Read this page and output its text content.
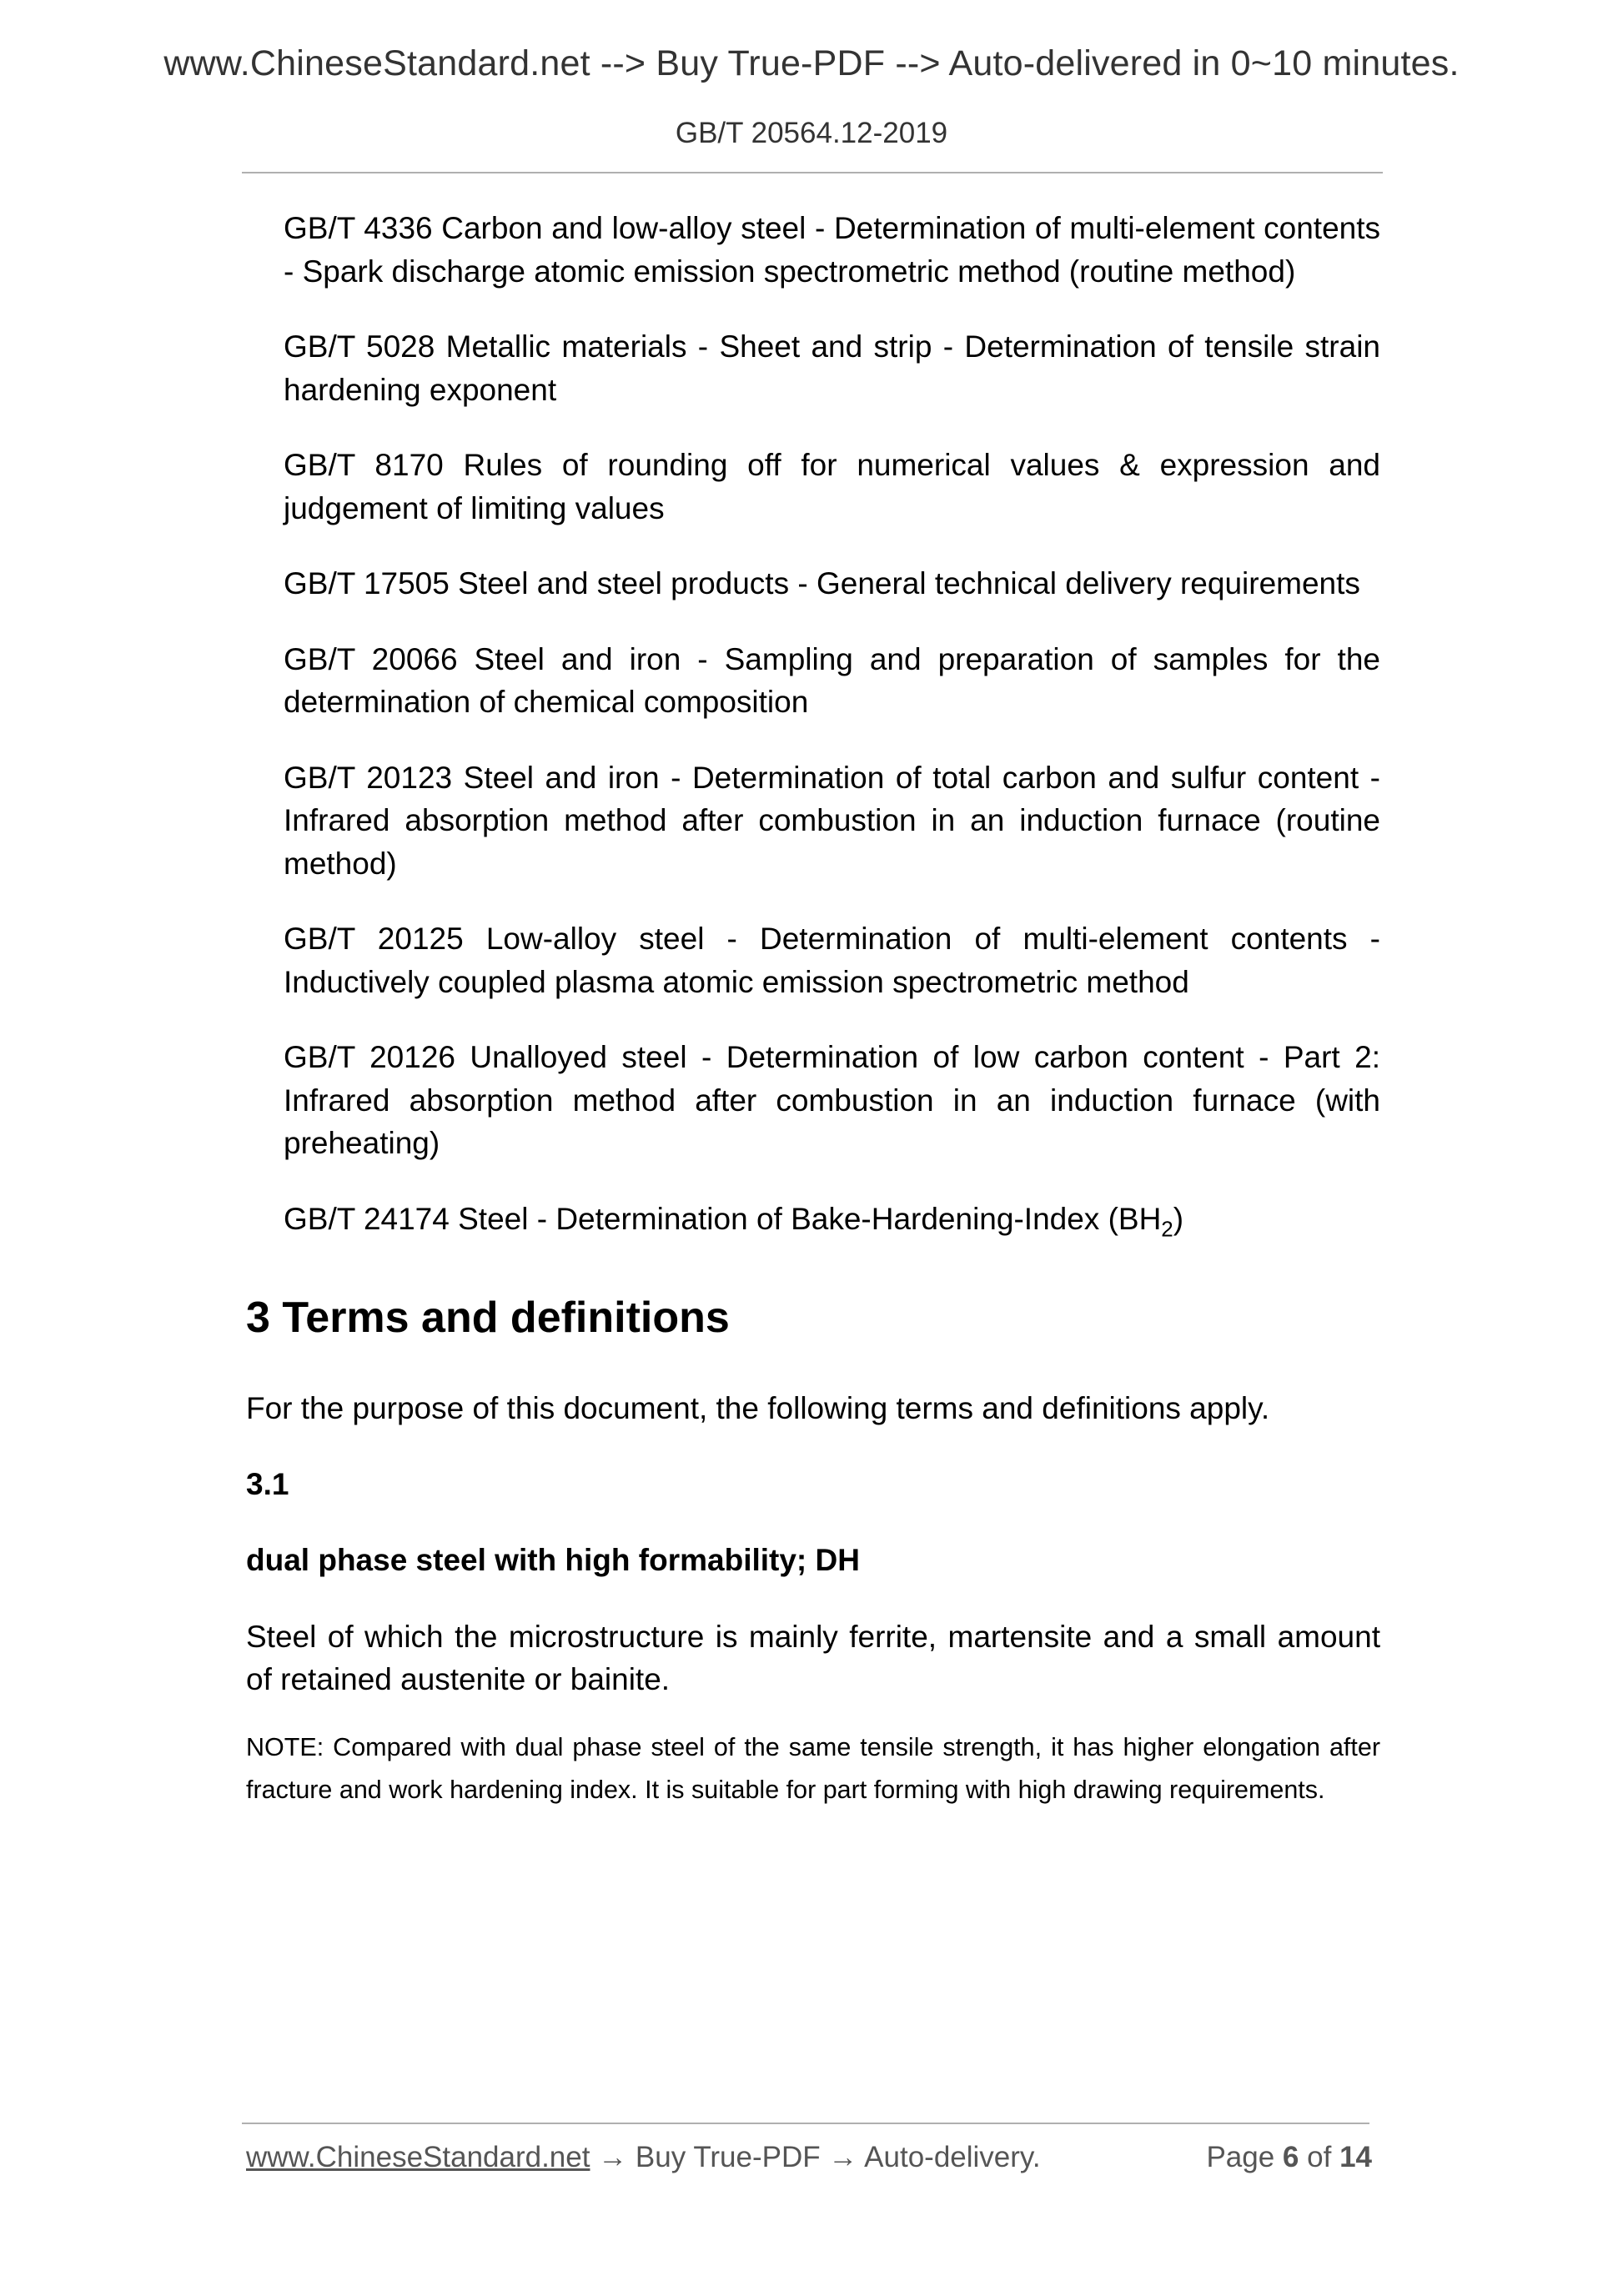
www.ChineseStandard.net --> Buy True-PDF --> Auto-delivered in 0~10 minutes.
GB/T 20564.12-2019
GB/T 4336 Carbon and low-alloy steel - Determination of multi-element contents - Spark discharge atomic emission spectrometric method (routine method)
GB/T 5028 Metallic materials - Sheet and strip - Determination of tensile strain hardening exponent
GB/T 8170 Rules of rounding off for numerical values & expression and judgement of limiting values
GB/T 17505 Steel and steel products - General technical delivery requirements
GB/T 20066 Steel and iron - Sampling and preparation of samples for the determination of chemical composition
GB/T 20123 Steel and iron - Determination of total carbon and sulfur content - Infrared absorption method after combustion in an induction furnace (routine method)
GB/T 20125 Low-alloy steel - Determination of multi-element contents - Inductively coupled plasma atomic emission spectrometric method
GB/T 20126 Unalloyed steel - Determination of low carbon content - Part 2: Infrared absorption method after combustion in an induction furnace (with preheating)
GB/T 24174 Steel - Determination of Bake-Hardening-Index $(BH_2)$
3 Terms and definitions

For the purpose of this document, the following terms and definitions apply.

3.1

dual phase steel with high formability; DH

Steel of which the microstructure is mainly ferrite, martensite and a small amount of retained austenite or bainite.

NOTE: Compared with dual phase steel of the same tensile strength, it has higher elongation after fracture and work hardening index. It is suitable for part forming with high drawing requirements.

www.ChineseStandard.net → Buy True-PDF → Auto-delivery.	Page 6 of 14
